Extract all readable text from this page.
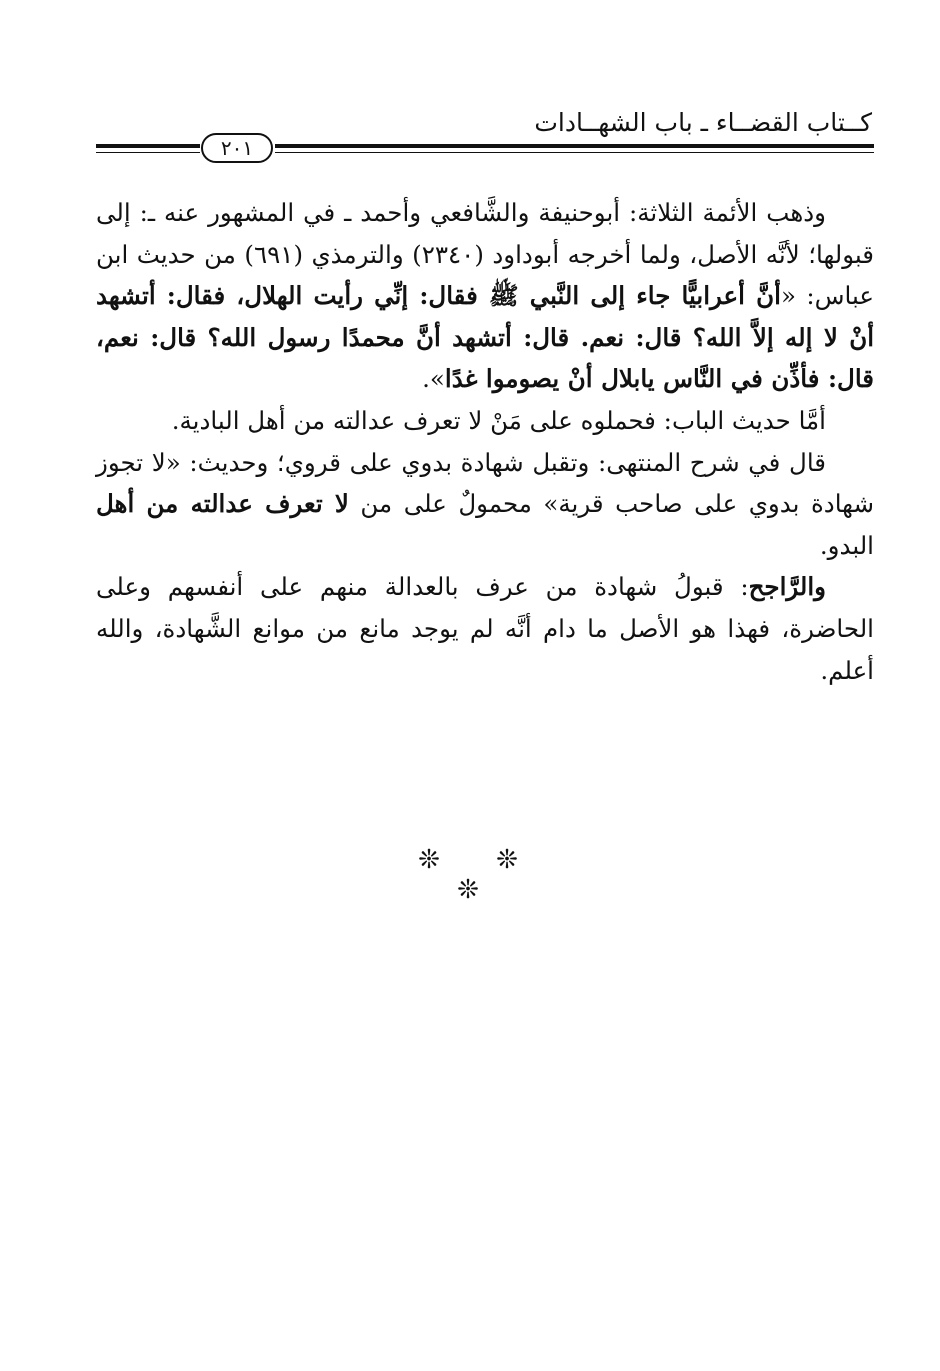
كــتاب القضــاء ـ باب الشهــادات
٢٠١

وذهب الأئمة الثلاثة: أبوحنيفة والشَّافعي وأحمد ـ في المشهور عنه ـ: إلى قبولها؛ لأنَّه الأصل، ولما أخرجه أبوداود (٢٣٤٠) والترمذي (٦٩١) من حديث ابن عباس: «أنَّ أعرابيًّا جاء إلى النَّبي ﷺ فقال: إنِّي رأيت الهلال، فقال: أتشهد أنْ لا إله إلاَّ الله؟ قال: نعم. قال: أتشهد أنَّ محمدًا رسول الله؟ قال: نعم، قال: فأذِّن في النَّاس يابلال أنْ يصوموا غدًا».

أمَّا حديث الباب: فحملوه على مَنْ لا تعرف عدالته من أهل البادية.

قال في شرح المنتهى: وتقبل شهادة بدوي على قروي؛ وحديث: «لا تجوز شهادة بدوي على صاحب قرية» محمولٌ على من لا تعرف عدالته من أهل البدو.

والرَّاجح: قبولُ شهادة من عرف بالعدالة منهم على أنفسهم وعلى الحاضرة، فهذا هو الأصل ما دام أنَّه لم يوجد مانع من موانع الشَّهادة، والله أعلم.

❊ ❊ ❊
